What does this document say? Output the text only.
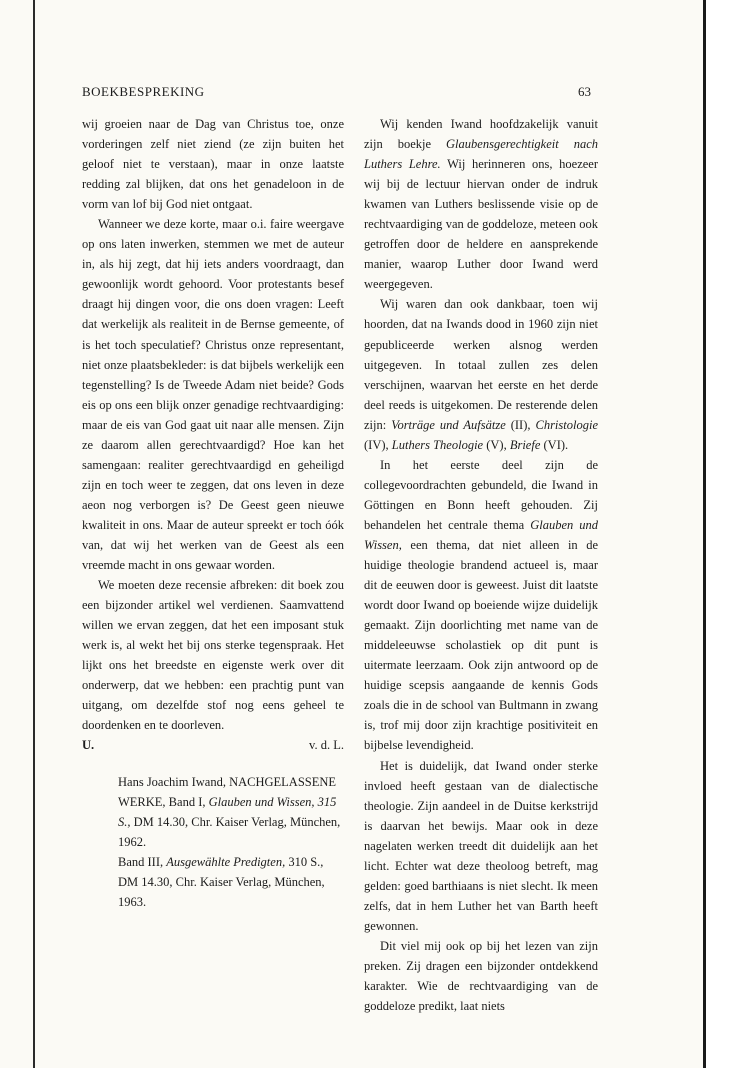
BOEKBESPREKING	63

wij groeien naar de Dag van Christus toe, onze vorderingen zelf niet ziend (ze zijn buiten het geloof niet te verstaan), maar in onze laatste redding zal blijken, dat ons het genadeloon in de vorm van lof bij God niet ontgaat.

Wanneer we deze korte, maar o.i. faire weergave op ons laten inwerken, stemmen we met de auteur in, als hij zegt, dat hij iets anders voordraagt, dan gewoonlijk wordt gehoord. Voor protestants besef draagt hij dingen voor, die ons doen vragen: Leeft dat werkelijk als realiteit in de Bernse gemeente, of is het toch speculatief? Christus onze representant, niet onze plaatsbekleder: is dat bijbels werkelijk een tegenstelling? Is de Tweede Adam niet beide? Gods eis op ons een blijk onzer genadige rechtvaardiging: maar de eis van God gaat uit naar alle mensen. Zijn ze daarom allen gerechtvaardigd? Hoe kan het samengaan: realiter gerechtvaardigd en geheiligd zijn en toch weer te zeggen, dat ons leven in deze aeon nog verborgen is? De Geest geen nieuwe kwaliteit in ons. Maar de auteur spreekt er toch óók van, dat wij het werken van de Geest als een vreemde macht in ons gewaar worden.

We moeten deze recensie afbreken: dit boek zou een bijzonder artikel wel verdienen. Saamvattend willen we ervan zeggen, dat het een imposant stuk werk is, al wekt het bij ons sterke tegenspraak. Het lijkt ons het breedste en eigenste werk over dit onderwerp, dat we hebben: een prachtig punt van uitgang, om dezelfde stof nog eens geheel te doordenken en te doorleven.

U.	v. d. L.

Hans Joachim Iwand, NACHGELASSENE WERKE, Band I, Glauben und Wissen, 315 S., DM 14.30, Chr. Kaiser Verlag, München, 1962.

Band III, Ausgewählte Predigten, 310 S., DM 14.30, Chr. Kaiser Verlag, München, 1963.

Wij kenden Iwand hoofdzakelijk vanuit zijn boekje Glaubensgerechtigkeit nach Luthers Lehre. Wij herinneren ons, hoezeer wij bij de lectuur hiervan onder de indruk kwamen van Luthers beslissende visie op de rechtvaardiging van de goddeloze, meteen ook getroffen door de heldere en aansprekende manier, waarop Luther door Iwand werd weergegeven.

Wij waren dan ook dankbaar, toen wij hoorden, dat na Iwands dood in 1960 zijn niet gepubliceerde werken alsnog werden uitgegeven. In totaal zullen zes delen verschijnen, waarvan het eerste en het derde deel reeds is uitgekomen. De resterende delen zijn: Vorträge und Aufsätze (II), Christologie (IV), Luthers Theologie (V), Briefe (VI).

In het eerste deel zijn de collegevoordrachten gebundeld, die Iwand in Göttingen en Bonn heeft gehouden. Zij behandelen het centrale thema Glauben und Wissen, een thema, dat niet alleen in de huidige theologie brandend actueel is, maar dit de eeuwen door is geweest. Juist dit laatste wordt door Iwand op boeiende wijze duidelijk gemaakt. Zijn doorlichting met name van de middeleeuwse scholastiek op dit punt is uitermate leerzaam. Ook zijn antwoord op de huidige scepsis aangaande de kennis Gods zoals die in de school van Bultmann in zwang is, trof mij door zijn krachtige positiviteit en bijbelse levendigheid.

Het is duidelijk, dat Iwand onder sterke invloed heeft gestaan van de dialectische theologie. Zijn aandeel in de Duitse kerkstrijd is daarvan het bewijs. Maar ook in deze nagelaten werken treedt dit duidelijk aan het licht. Echter wat deze theoloog betreft, mag gelden: goed barthiaans is niet slecht. Ik meen zelfs, dat in hem Luther het van Barth heeft gewonnen.

Dit viel mij ook op bij het lezen van zijn preken. Zij dragen een bijzonder ontdekkend karakter. Wie de rechtvaardiging van de goddeloze predikt, laat niets
